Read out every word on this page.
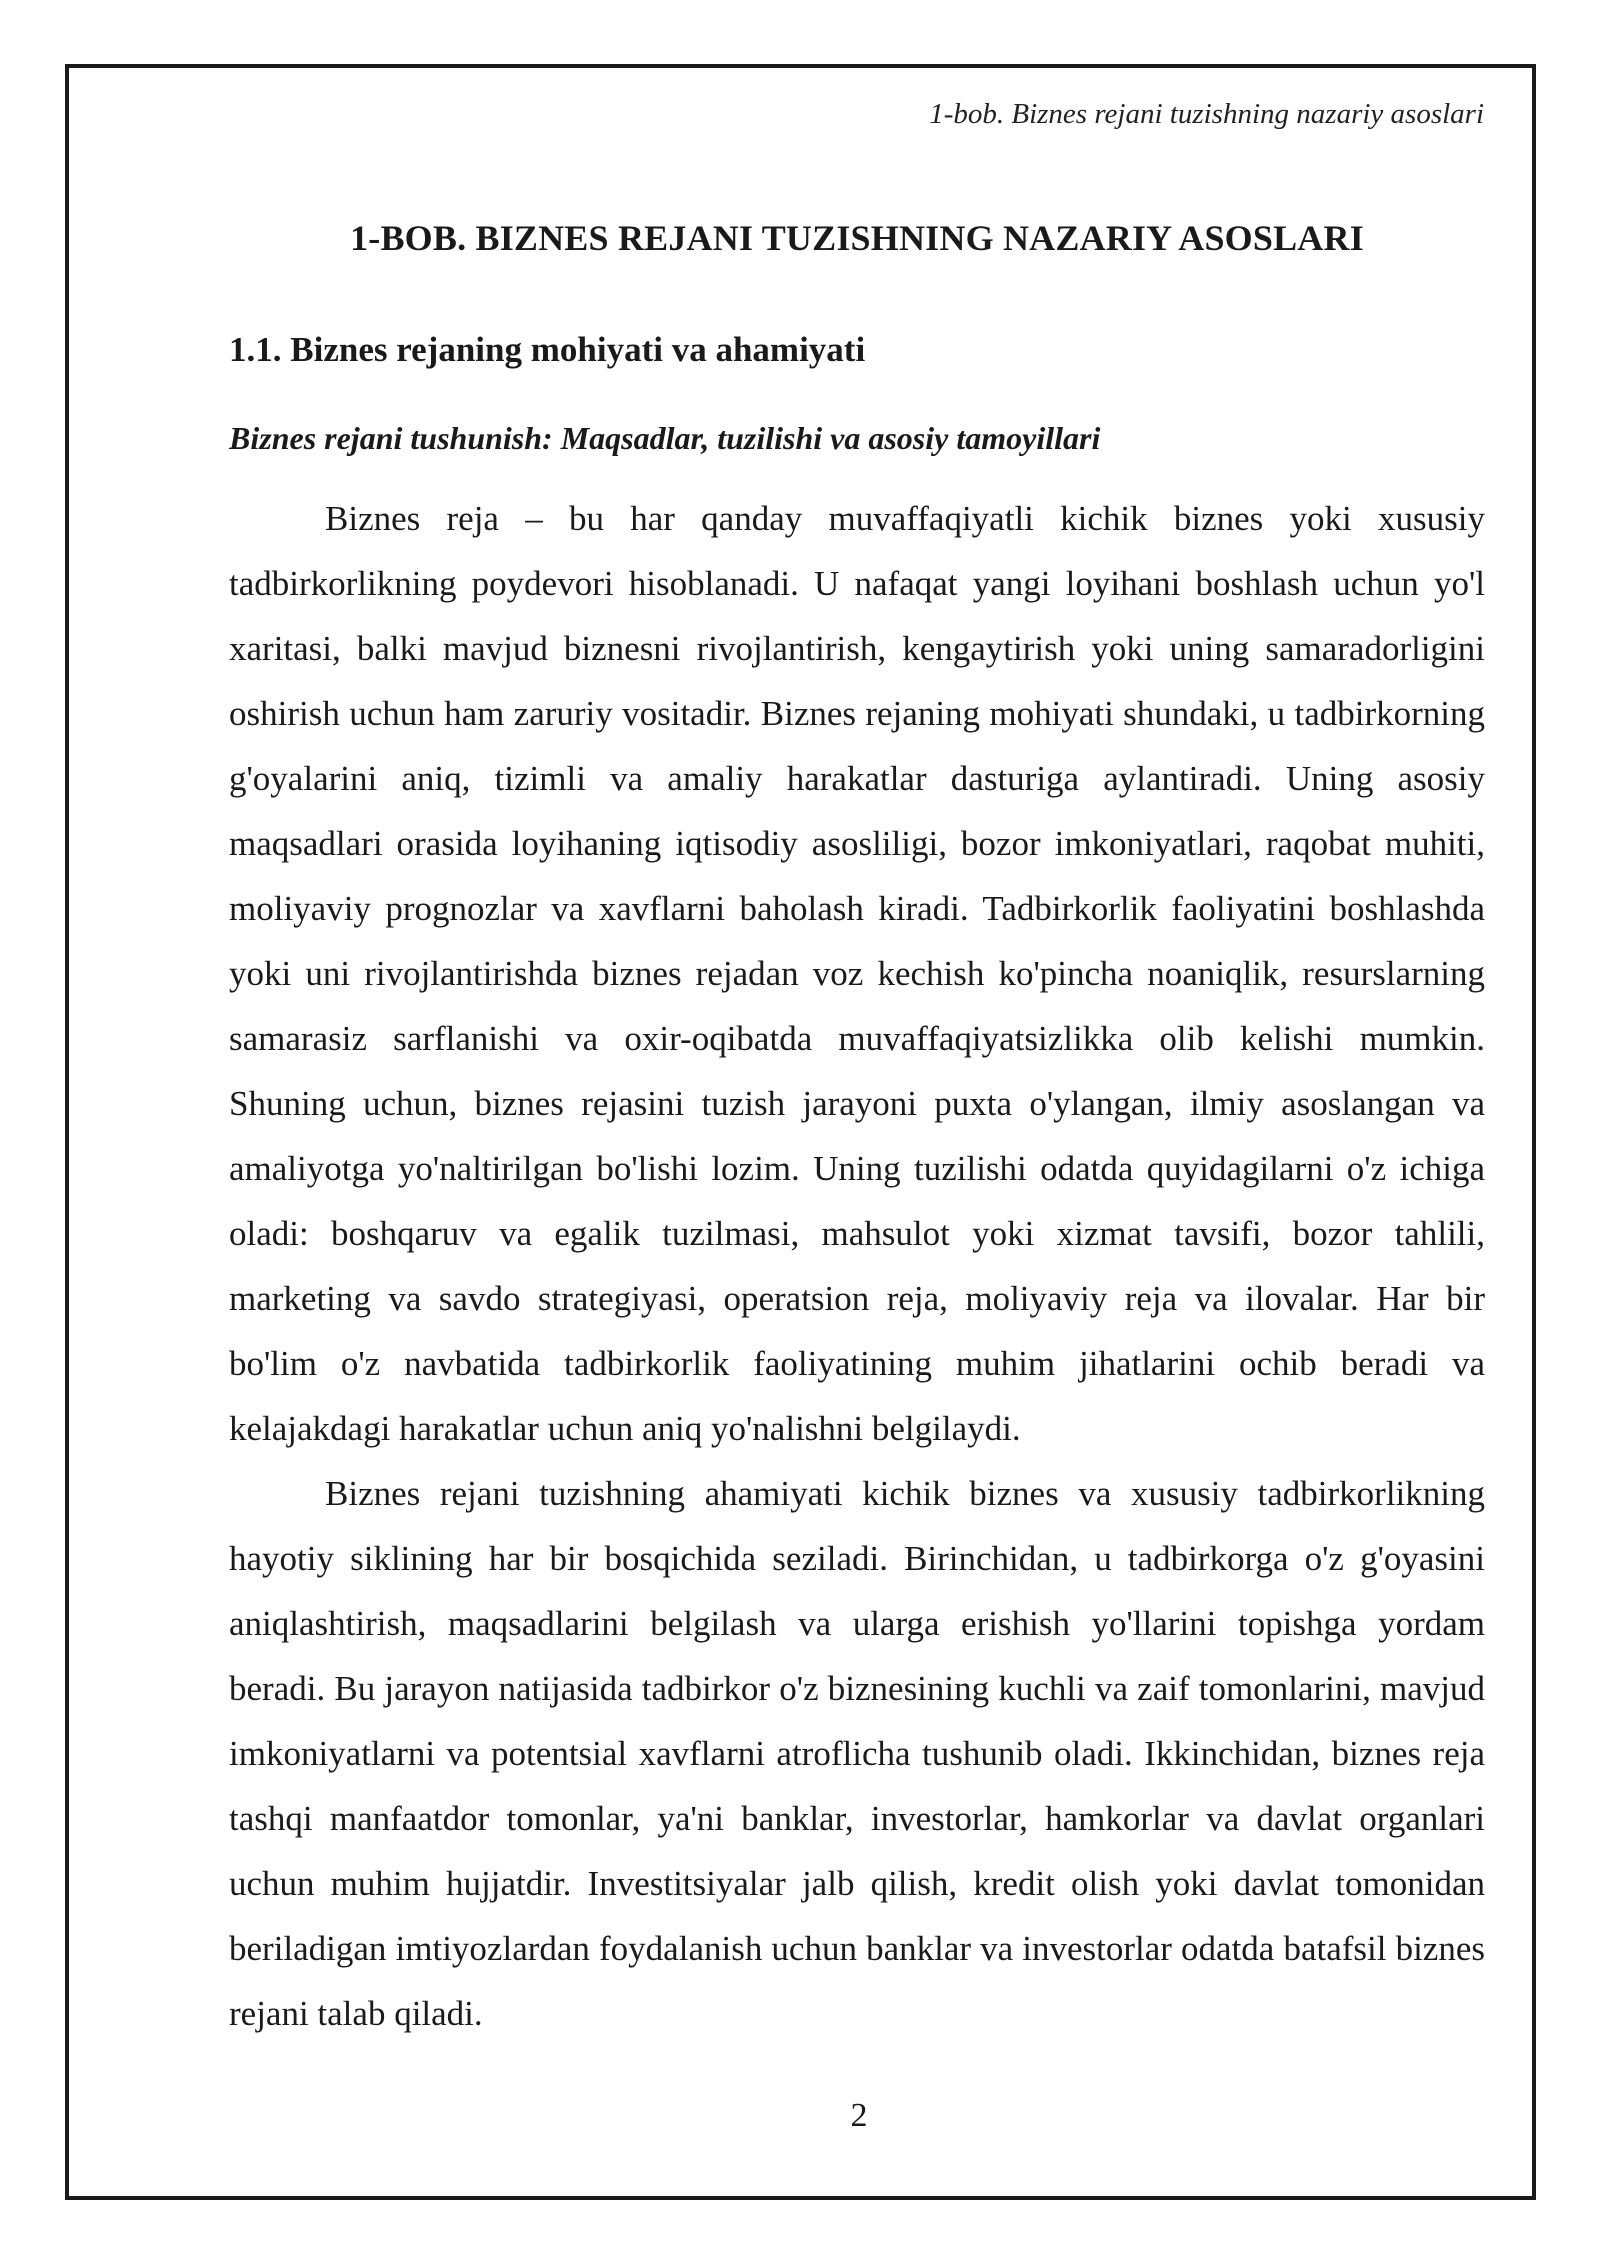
1-bob. Biznes rejani tuzishning nazariy asoslari
1-BOB. BIZNES REJANI TUZISHNING NAZARIY ASOSLARI
1.1. Biznes rejaning mohiyati va ahamiyati
Biznes rejani tushunish: Maqsadlar, tuzilishi va asosiy tamoyillari

Biznes reja – bu har qanday muvaffaqiyatli kichik biznes yoki xususiy tadbirkorlikning poydevori hisoblanadi. U nafaqat yangi loyihani boshlash uchun yo'l xaritasi, balki mavjud biznesni rivojlantirish, kengaytirish yoki uning samaradorligini oshirish uchun ham zaruriy vositadir. Biznes rejaning mohiyati shundaki, u tadbirkorning g'oyalarini aniq, tizimli va amaliy harakatlar dasturiga aylantiradi. Uning asosiy maqsadlari orasida loyihaning iqtisodiy asosliligi, bozor imkoniyatlari, raqobat muhiti, moliyaviy prognozlar va xavflarni baholash kiradi. Tadbirkorlik faoliyatini boshlashda yoki uni rivojlantirishda biznes rejadan voz kechish ko'pincha noaniqlik, resurslarning samarasiz sarflanishi va oxir-oqibatda muvaffaqiyatsizlikka olib kelishi mumkin. Shuning uchun, biznes rejasini tuzish jarayoni puxta o'ylangan, ilmiy asoslangan va amaliyotga yo'naltirilgan bo'lishi lozim. Uning tuzilishi odatda quyidagilarni o'z ichiga oladi: boshqaruv va egalik tuzilmasi, mahsulot yoki xizmat tavsifi, bozor tahlili, marketing va savdo strategiyasi, operatsion reja, moliyaviy reja va ilovalar. Har bir bo'lim o'z navbatida tadbirkorlik faoliyatining muhim jihatlarini ochib beradi va kelajakdagi harakatlar uchun aniq yo'nalishni belgilaydi.

Biznes rejani tuzishning ahamiyati kichik biznes va xususiy tadbirkorlikning hayotiy siklining har bir bosqichida seziladi. Birinchidan, u tadbirkorga o'z g'oyasini aniqlashtirish, maqsadlarini belgilash va ularga erishish yo'llarini topishga yordam beradi. Bu jarayon natijasida tadbirkor o'z biznesining kuchli va zaif tomonlarini, mavjud imkoniyatlarni va potentsial xavflarni atroflicha tushunib oladi. Ikkinchidan, biznes reja tashqi manfaatdor tomonlar, ya'ni banklar, investorlar, hamkorlar va davlat organlari uchun muhim hujjatdir. Investitsiyalar jalb qilish, kredit olish yoki davlat tomonidan beriladigan imtiyozlardan foydalanish uchun banklar va investorlar odatda batafsil biznes rejani talab qiladi.

2
